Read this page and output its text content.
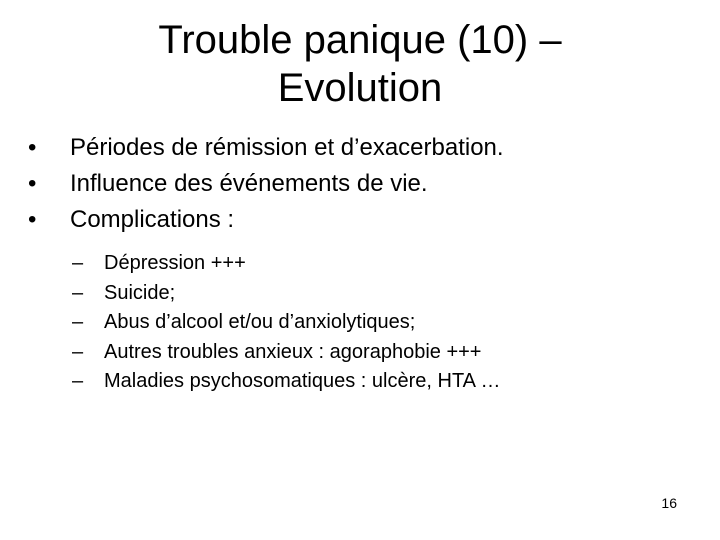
Trouble panique (10) –
Evolution
•	Périodes de rémission et d’exacerbation.
•	Influence des événements de vie.
•	Complications :
–	Dépression +++
–	Suicide;
–	Abus d’alcool et/ou d’anxiolytiques;
–	Autres troubles anxieux : agoraphobie +++
–	Maladies psychosomatiques : ulcère, HTA …
16
